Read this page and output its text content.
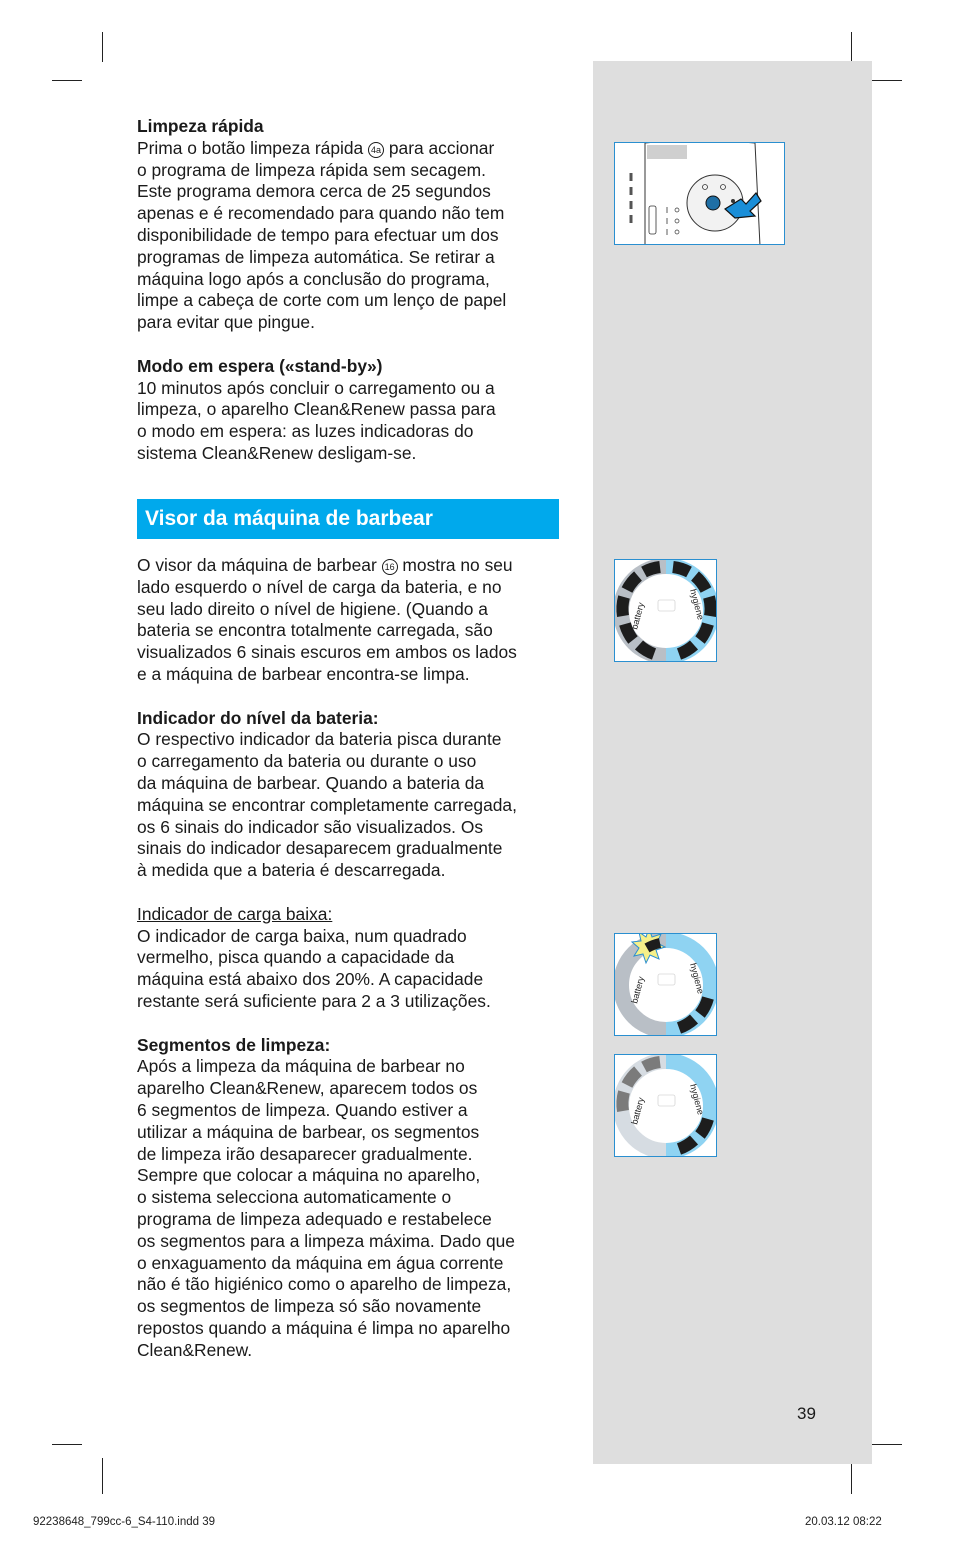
Limpeza rápida

Prima o botão limpeza rápida 4a para accionar

o programa de limpeza rápida sem secagem.

Este programa demora cerca de 25 segundos

apenas e é recomendado para quando não tem

disponibilidade de tempo para efectuar um dos

programas de limpeza automática. Se retirar a

máquina logo após a conclusão do programa,

limpe a cabeça de corte com um lenço de papel

para evitar que pingue.

Modo em espera («stand-by»)

10 minutos após concluir o carregamento ou a

limpeza, o aparelho Clean&Renew passa para

o modo em espera: as luzes indicadoras do

sistema Clean&Renew desligam-se.

Visor da máquina de barbear

O visor da máquina de barbear 16 mostra no seu

lado esquerdo o nível de carga da bateria, e no

seu lado direito o nível de higiene. (Quando a

bateria se encontra totalmente carregada, são

visualizados 6 sinais escuros em ambos os lados

e a máquina de barbear encontra-se limpa.

Indicador do nível da bateria:

O respectivo indicador da bateria pisca durante

o carregamento da bateria ou durante o uso

da máquina de barbear. Quando a bateria da

máquina se encontrar completamente carregada,

os 6 sinais do indicador são visualizados. Os

sinais do indicador desaparecem gradualmente

à medida que a bateria é descarregada.

Indicador de carga baixa:

O indicador de carga baixa, num quadrado

vermelho, pisca quando a capacidade da

máquina está abaixo dos 20%. A capacidade

restante será suficiente para 2 a 3 utilizações.

Segmentos de limpeza:

Após a limpeza da máquina de barbear no

aparelho Clean&Renew, aparecem todos os

6 segmentos de limpeza. Quando estiver a

utilizar a máquina de barbear, os segmentos

de limpeza irão desaparecer gradualmente.

Sempre que colocar a máquina no aparelho,

o sistema selecciona automaticamente o

programa de limpeza adequado e restabelece

os segmentos para a limpeza máxima. Dado que

o enxaguamento da máquina em água corrente

não é tão higiénico como o aparelho de limpeza,

os segmentos de limpeza só são novamente

repostos quando a máquina é limpa no aparelho

Clean&Renew.

battery	hygiene
battery	hygiene
battery	hygiene
39
92238648_799cc-6_S4-110.indd 39	20.03.12 08:22
